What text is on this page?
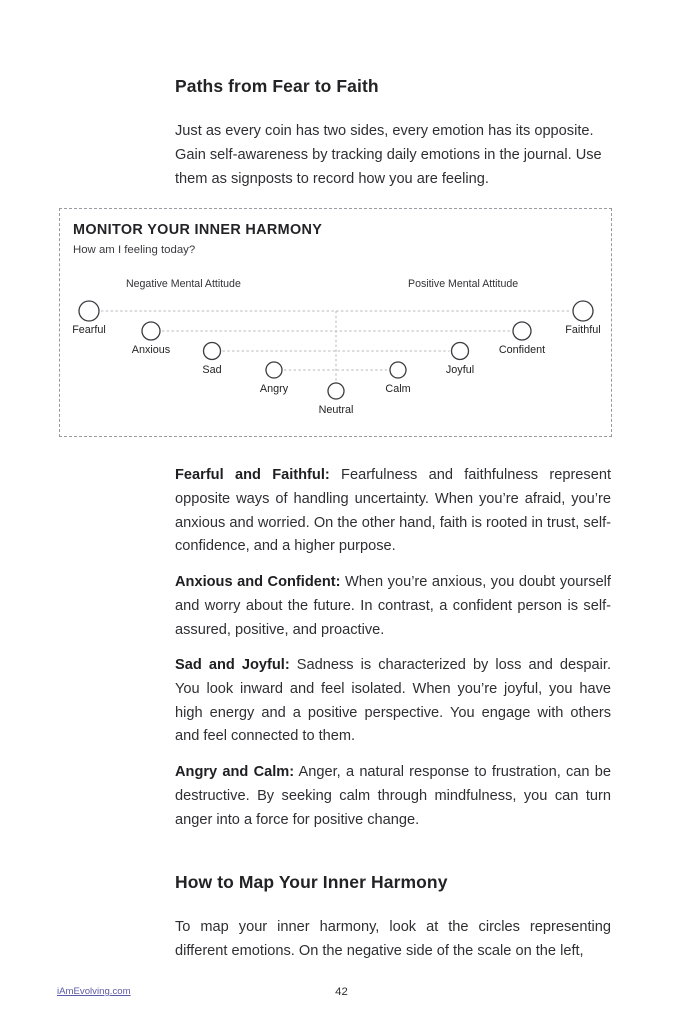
Paths from Fear to Faith

Just as every coin has two sides, every emotion has its opposite. Gain self-awareness by tracking daily emotions in the journal. Use them as signposts to record how you are feeling.

MONITOR YOUR INNER HARMONY
How am I feeling today?
Negative Mental Attitude	Positive Mental Attitude
Fearful
Anxious
Sad
Angry
Neutral
Calm
Joyful
Confident
Faithful

Fearful and Faithful: Fearfulness and faithfulness represent opposite ways of handling uncertainty. When you’re afraid, you’re anxious and worried. On the other hand, faith is rooted in trust, self-confidence, and a higher purpose.

Anxious and Confident: When you’re anxious, you doubt yourself and worry about the future. In contrast, a confident person is self-assured, positive, and proactive.

Sad and Joyful: Sadness is characterized by loss and despair. You look inward and feel isolated. When you’re joyful, you have high energy and a positive perspective. You engage with others and feel connected to them.

Angry and Calm: Anger, a natural response to frustration, can be destructive. By seeking calm through mindfulness, you can turn anger into a force for positive change.

How to Map Your Inner Harmony

To map your inner harmony, look at the circles representing different emotions. On the negative side of the scale on the left,

iAmEvolving.com	42
